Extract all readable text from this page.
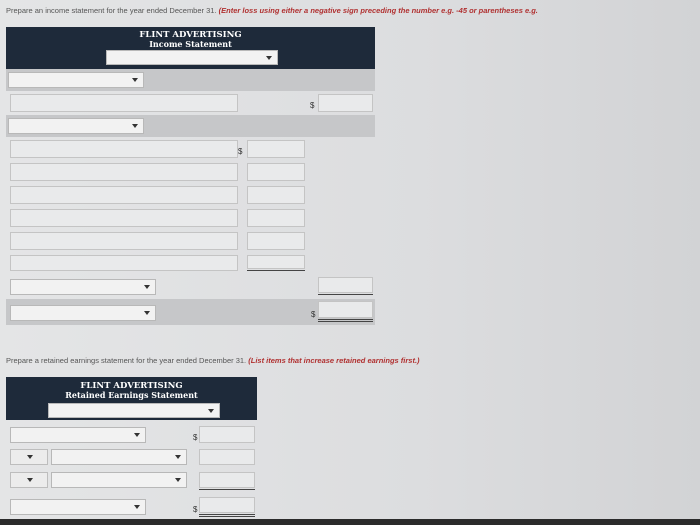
Prepare an income statement for the year ended December 31. (Enter loss using either a negative sign preceding the number e.g. -45 or parentheses e.g.
FLINT ADVERTISING
Income Statement
$
$
$
Prepare a retained earnings statement for the year ended December 31. (List items that increase retained earnings first.)
FLINT ADVERTISING
Retained Earnings Statement
$
$
